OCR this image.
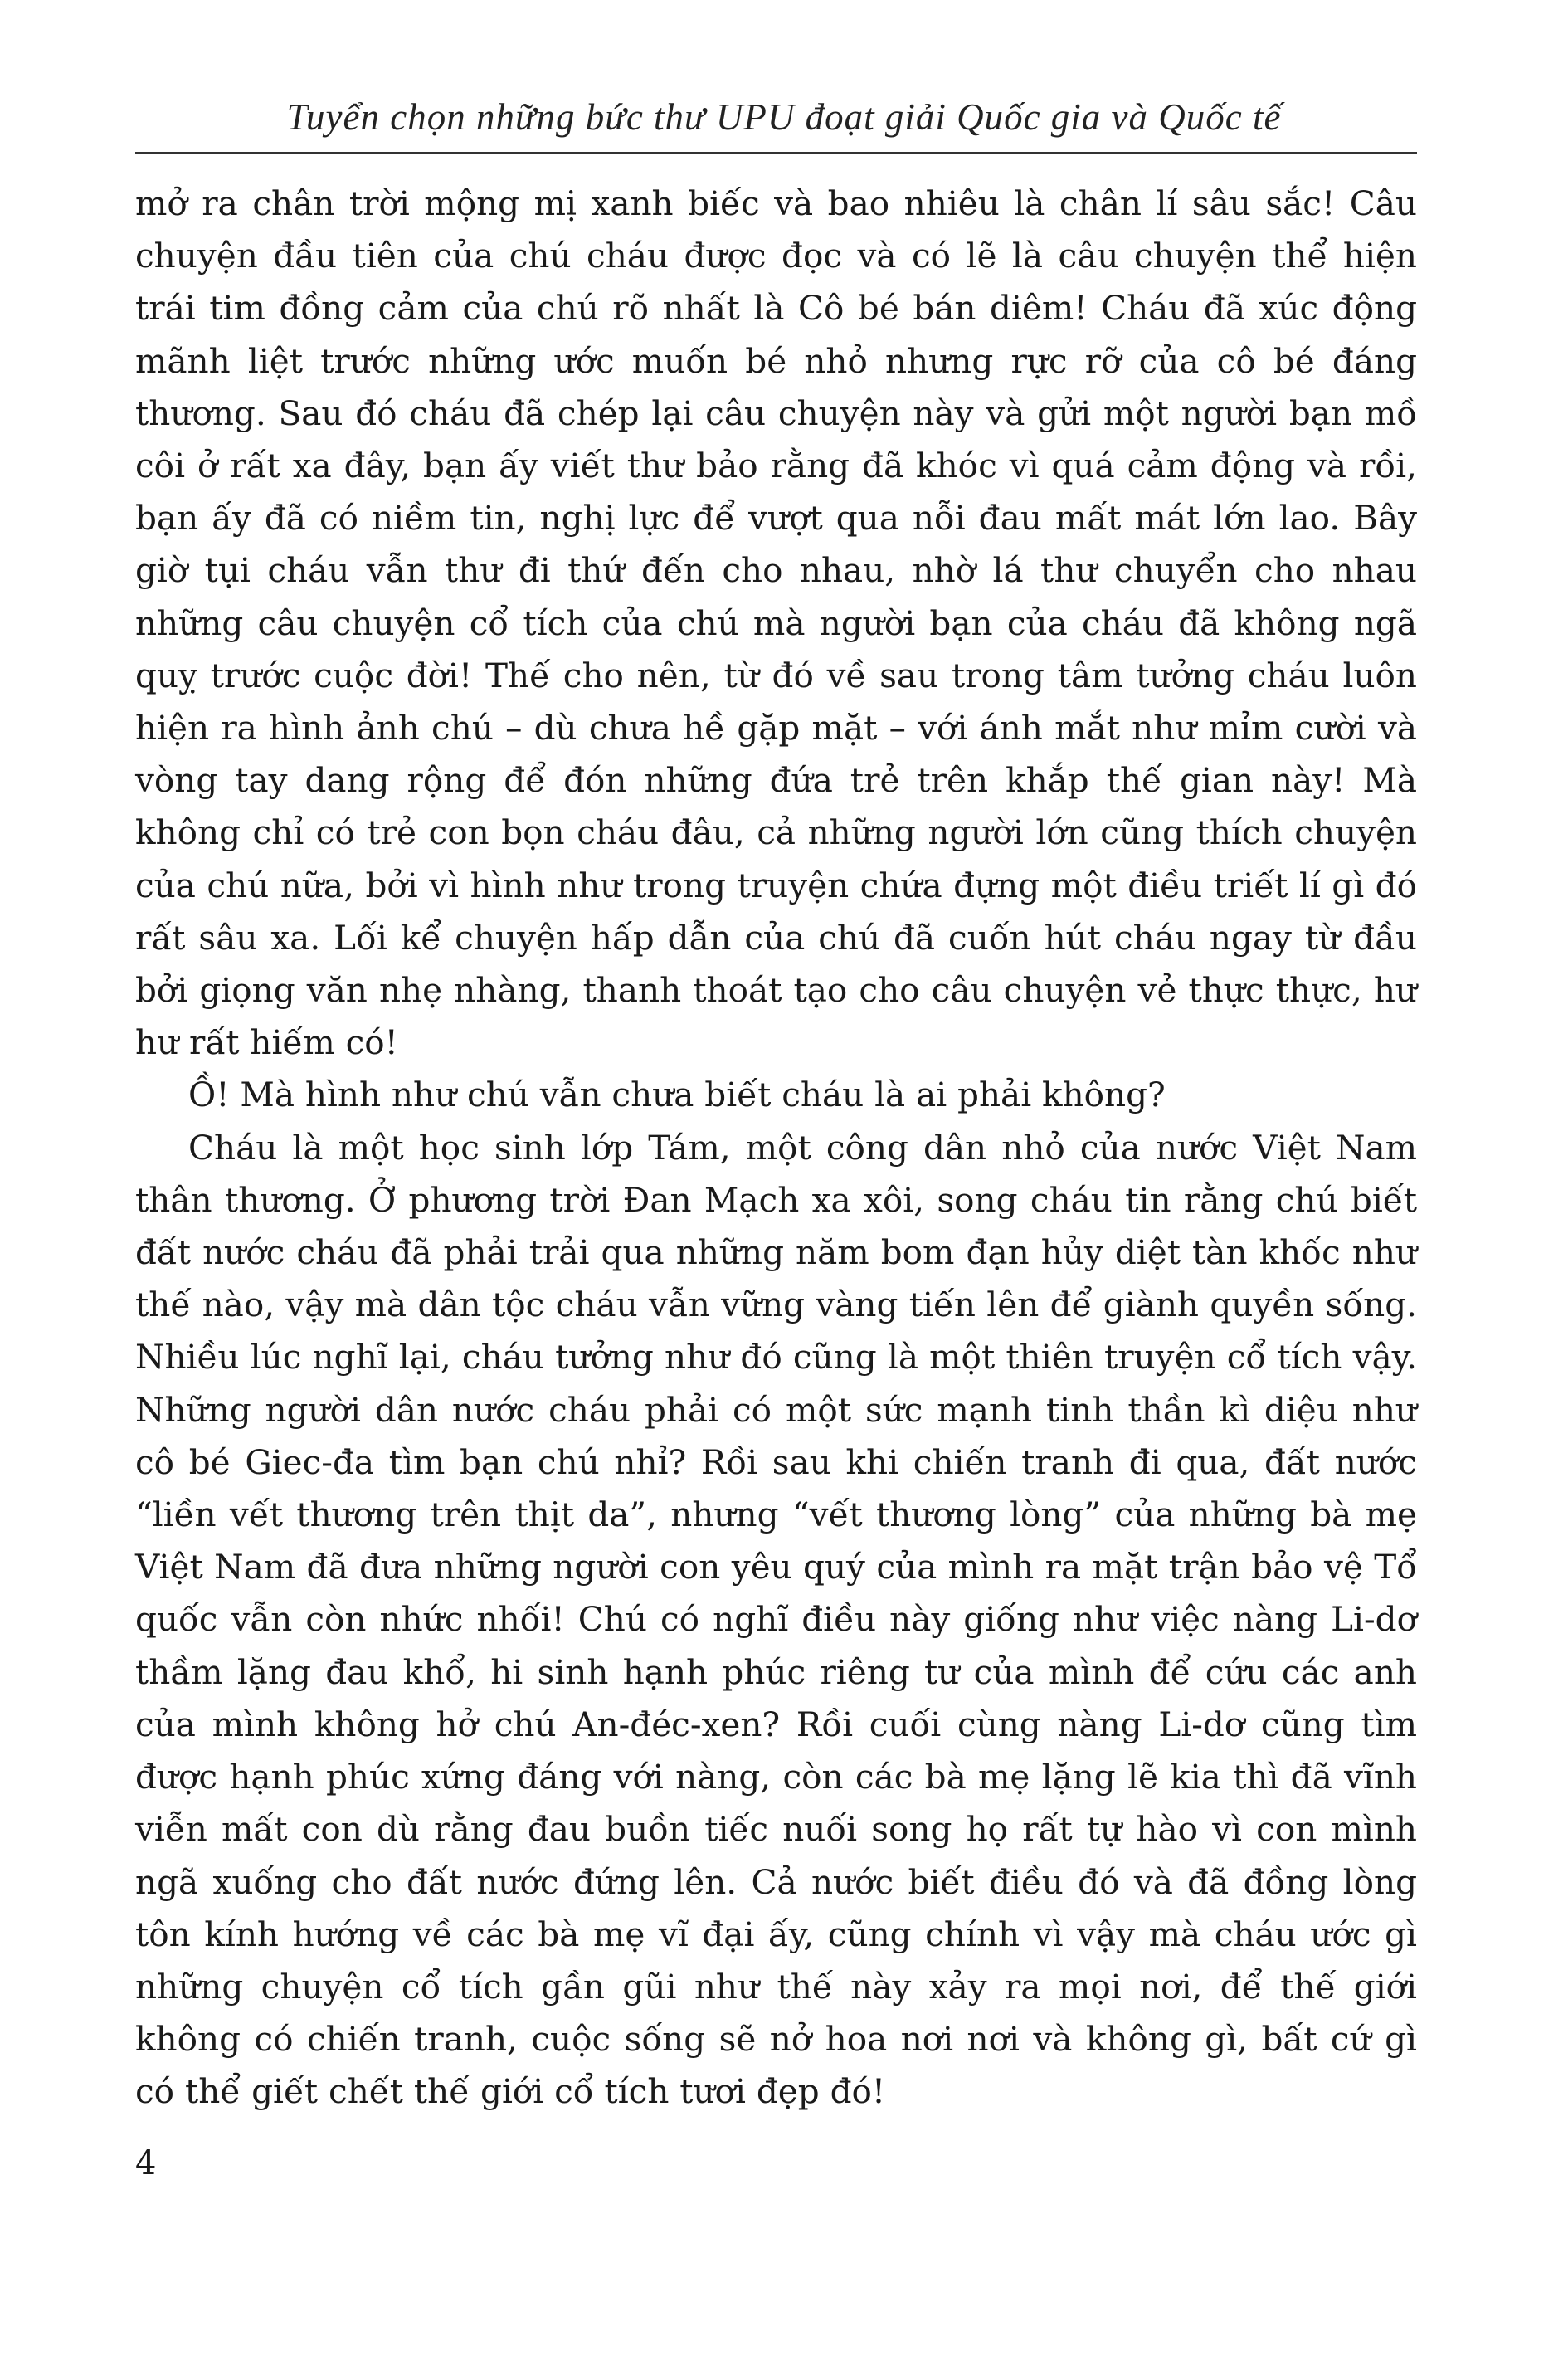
Tuyển chọn những bức thư UPU đoạt giải Quốc gia và Quốc tế

mở ra chân trời mộng mị xanh biếc và bao nhiêu là chân lí sâu sắc! Câu chuyện đầu tiên của chú cháu được đọc và có lẽ là câu chuyện thể hiện trái tim đồng cảm của chú rõ nhất là Cô bé bán diêm! Cháu đã xúc động mãnh liệt trước những ước muốn bé nhỏ nhưng rực rỡ của cô bé đáng thương. Sau đó cháu đã chép lại câu chuyện này và gửi một người bạn mồ côi ở rất xa đây, bạn ấy viết thư bảo rằng đã khóc vì quá cảm động và rồi, bạn ấy đã có niềm tin, nghị lực để vượt qua nỗi đau mất mát lớn lao. Bây giờ tụi cháu vẫn thư đi thứ đến cho nhau, nhờ lá thư chuyển cho nhau những câu chuyện cổ tích của chú mà người bạn của cháu đã không ngã quỵ trước cuộc đời! Thế cho nên, từ đó về sau trong tâm tưởng cháu luôn hiện ra hình ảnh chú – dù chưa hề gặp mặt – với ánh mắt như mỉm cười và vòng tay dang rộng để đón những đứa trẻ trên khắp thế gian này! Mà không chỉ có trẻ con bọn cháu đâu, cả những người lớn cũng thích chuyện của chú nữa, bởi vì hình như trong truyện chứa đựng một điều triết lí gì đó rất sâu xa. Lối kể chuyện hấp dẫn của chú đã cuốn hút cháu ngay từ đầu bởi giọng văn nhẹ nhàng, thanh thoát tạo cho câu chuyện vẻ thực thực, hư hư rất hiếm có!

Ồ! Mà hình như chú vẫn chưa biết cháu là ai phải không?

Cháu là một học sinh lớp Tám, một công dân nhỏ của nước Việt Nam thân thương. Ở phương trời Đan Mạch xa xôi, song cháu tin rằng chú biết đất nước cháu đã phải trải qua những năm bom đạn hủy diệt tàn khốc như thế nào, vậy mà dân tộc cháu vẫn vững vàng tiến lên để giành quyền sống. Nhiều lúc nghĩ lại, cháu tưởng như đó cũng là một thiên truyện cổ tích vậy. Những người dân nước cháu phải có một sức mạnh tinh thần kì diệu như cô bé Giec-đa tìm bạn chú nhỉ? Rồi sau khi chiến tranh đi qua, đất nước “liền vết thương trên thịt da”, nhưng “vết thương lòng” của những bà mẹ Việt Nam đã đưa những người con yêu quý của mình ra mặt trận bảo vệ Tổ quốc vẫn còn nhức nhối! Chú có nghĩ điều này giống như việc nàng Li-dơ thầm lặng đau khổ, hi sinh hạnh phúc riêng tư của mình để cứu các anh của mình không hở chú An-đéc-xen? Rồi cuối cùng nàng Li-dơ cũng tìm được hạnh phúc xứng đáng với nàng, còn các bà mẹ lặng lẽ kia thì đã vĩnh viễn mất con dù rằng đau buồn tiếc nuối song họ rất tự hào vì con mình ngã xuống cho đất nước đứng lên. Cả nước biết điều đó và đã đồng lòng tôn kính hướng về các bà mẹ vĩ đại ấy, cũng chính vì vậy mà cháu ước gì những chuyện cổ tích gần gũi như thế này xảy ra mọi nơi, để thế giới không có chiến tranh, cuộc sống sẽ nở hoa nơi nơi và không gì, bất cứ gì có thể giết chết thế giới cổ tích tươi đẹp đó!

4
